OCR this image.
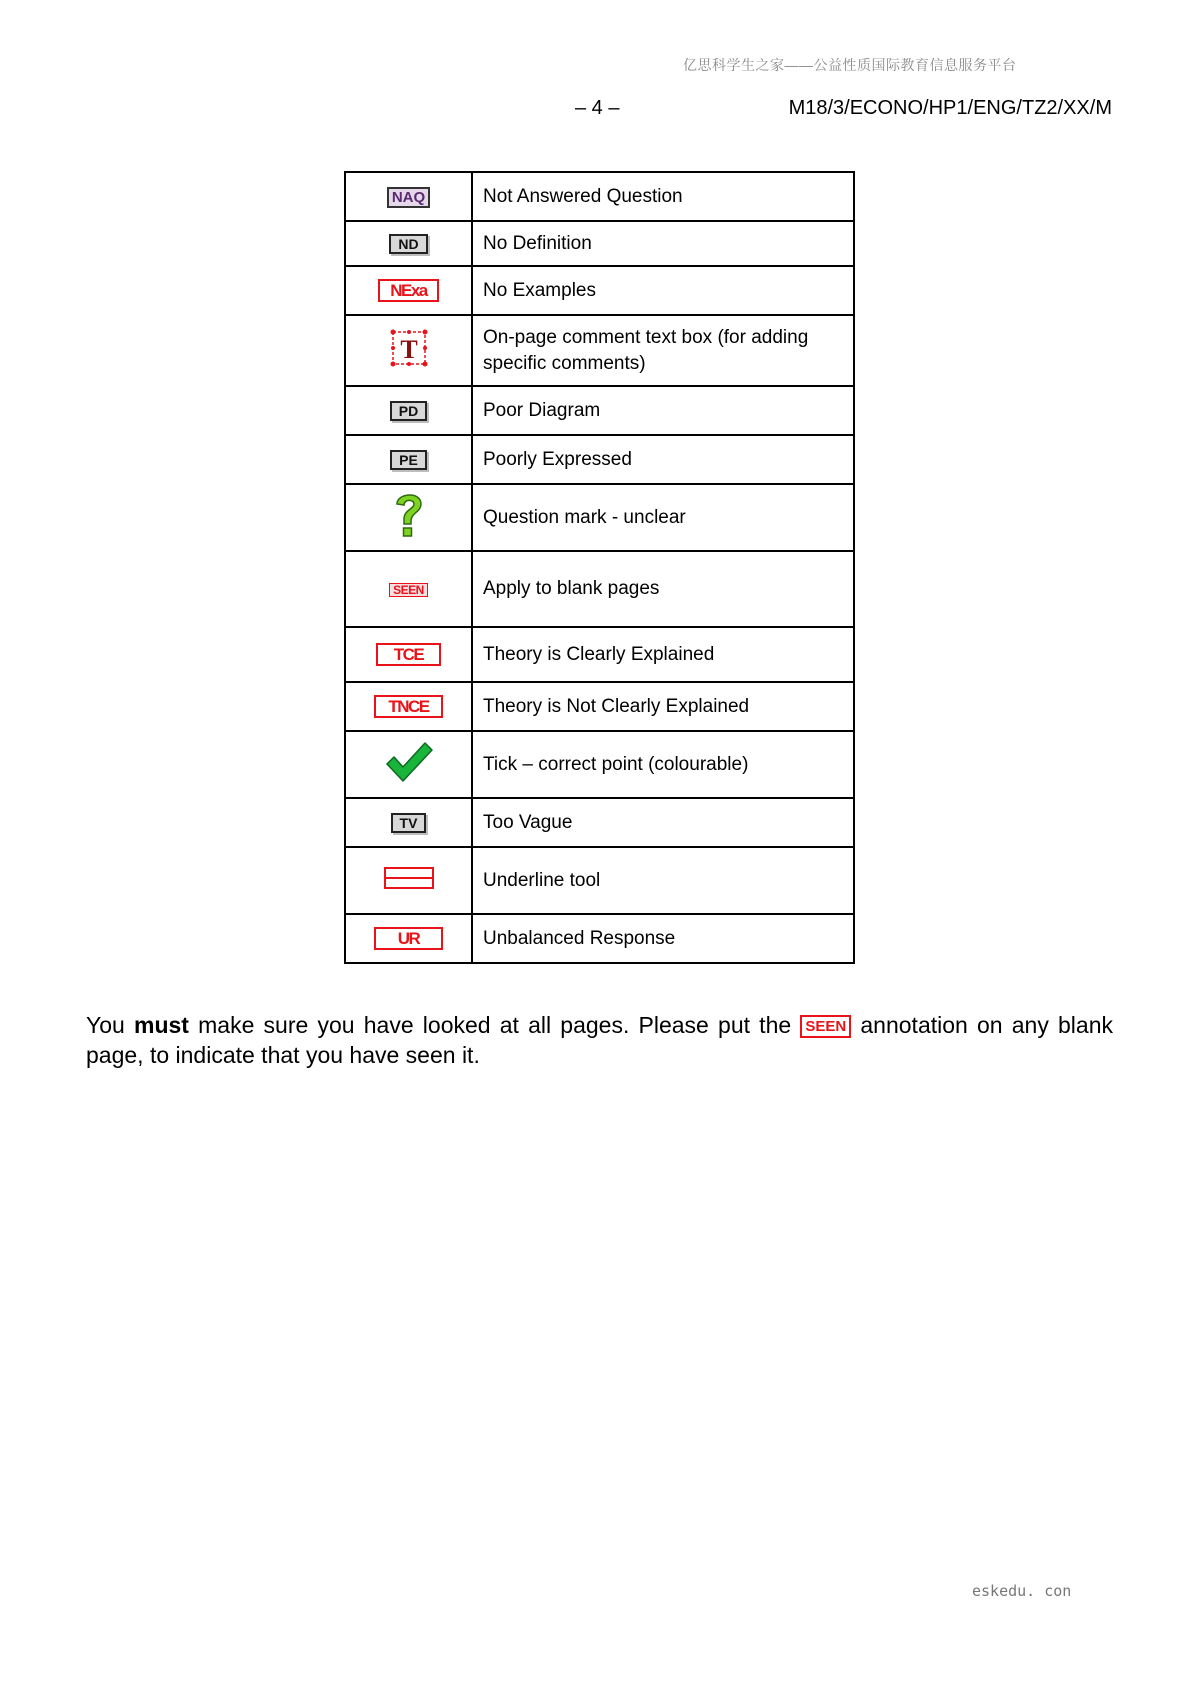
亿思科学生之家——公益性质国际教育信息服务平台
– 4 –	M18/3/ECONO/HP1/ENG/TZ2/XX/M
NAQ	Not Answered Question
ND	No Definition
NExa	No Examples

T	On-page comment text box (for adding specific comments)
PD	Poor Diagram
PE	Poorly Expressed
	Question mark - unclear
SEEN	Apply to blank pages
TCE	Theory is Clearly Explained
TNCE	Theory is Not Clearly Explained
	Tick – correct point (colourable)
TV	Too Vague
	Underline tool
UR	Unbalanced Response

You must make sure you have looked at all pages. Please put the SEEN annotation on any blank page, to indicate that you have seen it.

eskedu. con
